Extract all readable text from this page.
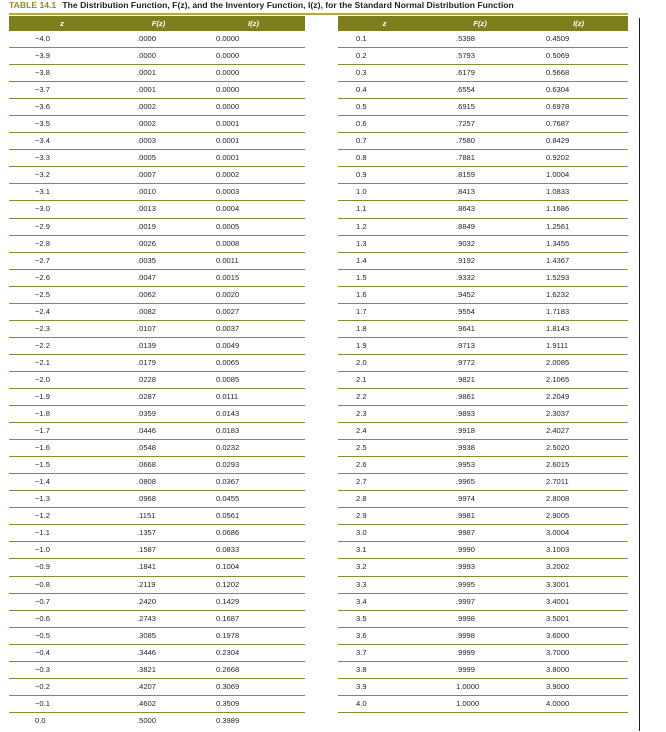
TABLE 14.1 The Distribution Function, F(z), and the Inventory Function, I(z), for the Standard Normal Distribution Function
z	F(z)	I(z)		z	F(z)	I(z)
−4.0	.0000	0.0000		0.1	.5398	0.4509
−3.9	.0000	0.0000		0.2	.5793	0.5069
−3.8	.0001	0.0000		0.3	.6179	0.5668
−3.7	.0001	0.0000		0.4	.6554	0.6304
−3.6	.0002	0.0000		0.5	.6915	0.6978
−3.5	.0002	0.0001		0.6	.7257	0.7687
−3.4	.0003	0.0001		0.7	.7580	0.8429
−3.3	.0005	0.0001		0.8	.7881	0.9202
−3.2	.0007	0.0002		0.9	.8159	1.0004
−3.1	.0010	0.0003		1.0	.8413	1.0833
−3.0	.0013	0.0004		1.1	.8643	1.1686
−2.9	.0019	0.0005		1.2	.8849	1.2561
−2.8	.0026	0.0008		1.3	.9032	1.3455
−2.7	.0035	0.0011		1.4	.9192	1.4367
−2.6	.0047	0.0015		1.5	.9332	1.5293
−2.5	.0062	0.0020		1.6	.9452	1.6232
−2.4	.0082	0.0027		1.7	.9554	1.7183
−2.3	.0107	0.0037		1.8	.9641	1.8143
−2.2	.0139	0.0049		1.9	.9713	1.9111
−2.1	.0179	0.0065		2.0	.9772	2.0085
−2.0	.0228	0.0085		2.1	.9821	2.1065
−1.9	.0287	0.0111		2.2	.9861	2.2049
−1.8	.0359	0.0143		2.3	.9893	2.3037
−1.7	.0446	0.0183		2.4	.9918	2.4027
−1.6	.0548	0.0232		2.5	.9938	2.5020
−1.5	.0668	0.0293		2.6	.9953	2.6015
−1.4	.0808	0.0367		2.7	.9965	2.7011
−1.3	.0968	0.0455		2.8	.9974	2.8008
−1.2	.1151	0.0561		2.9	.9981	2.9005
−1.1	.1357	0.0686		3.0	.9987	3.0004
−1.0	.1587	0.0833		3.1	.9990	3.1003
−0.9	.1841	0.1004		3.2	.9993	3.2002
−0.8	.2119	0.1202		3.3	.9995	3.3001
−0.7	.2420	0.1429		3.4	.9997	3.4001
−0.6	.2743	0.1687		3.5	.9998	3.5001
−0.5	.3085	0.1978		3.6	.9998	3.6000
−0.4	.3446	0.2304		3.7	.9999	3.7000
−0.3	.3821	0.2668		3.8	.9999	3.8000
−0.2	.4207	0.3069		3.9	1.0000	3.9000
−0.1	.4602	0.3509		4.0	1.0000	4.0000
0.0	.5000	0.3989				
